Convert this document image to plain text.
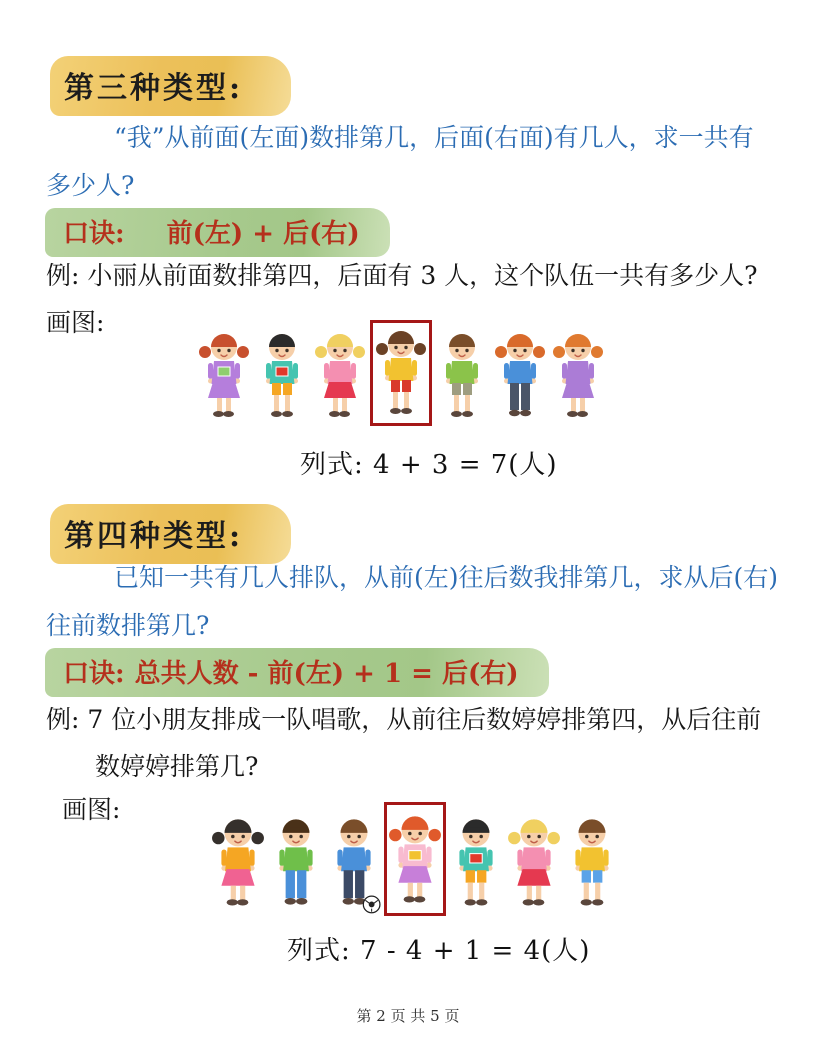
第三种类型:
“我”从前面(左面)数排第几，后面(右面)有几人，求一共有
多少人?
口诀: 前(左) + 后(右)
例: 小丽从前面数排第四，后面有 3 人，这个队伍一共有多少人?
画图:
列式: 4 + 3 = 7(人)
第四种类型:
已知一共有几人排队，从前(左)往后数我排第几，求从后(右)
往前数排第几?
口诀: 总共人数 - 前(左) + 1 = 后(右)
例: 7 位小朋友排成一队唱歌，从前往后数婷婷排第四，从后往前
数婷婷排第几?
画图:
列式: 7 - 4 + 1 = 4(人)
第 2 页 共 5 页
